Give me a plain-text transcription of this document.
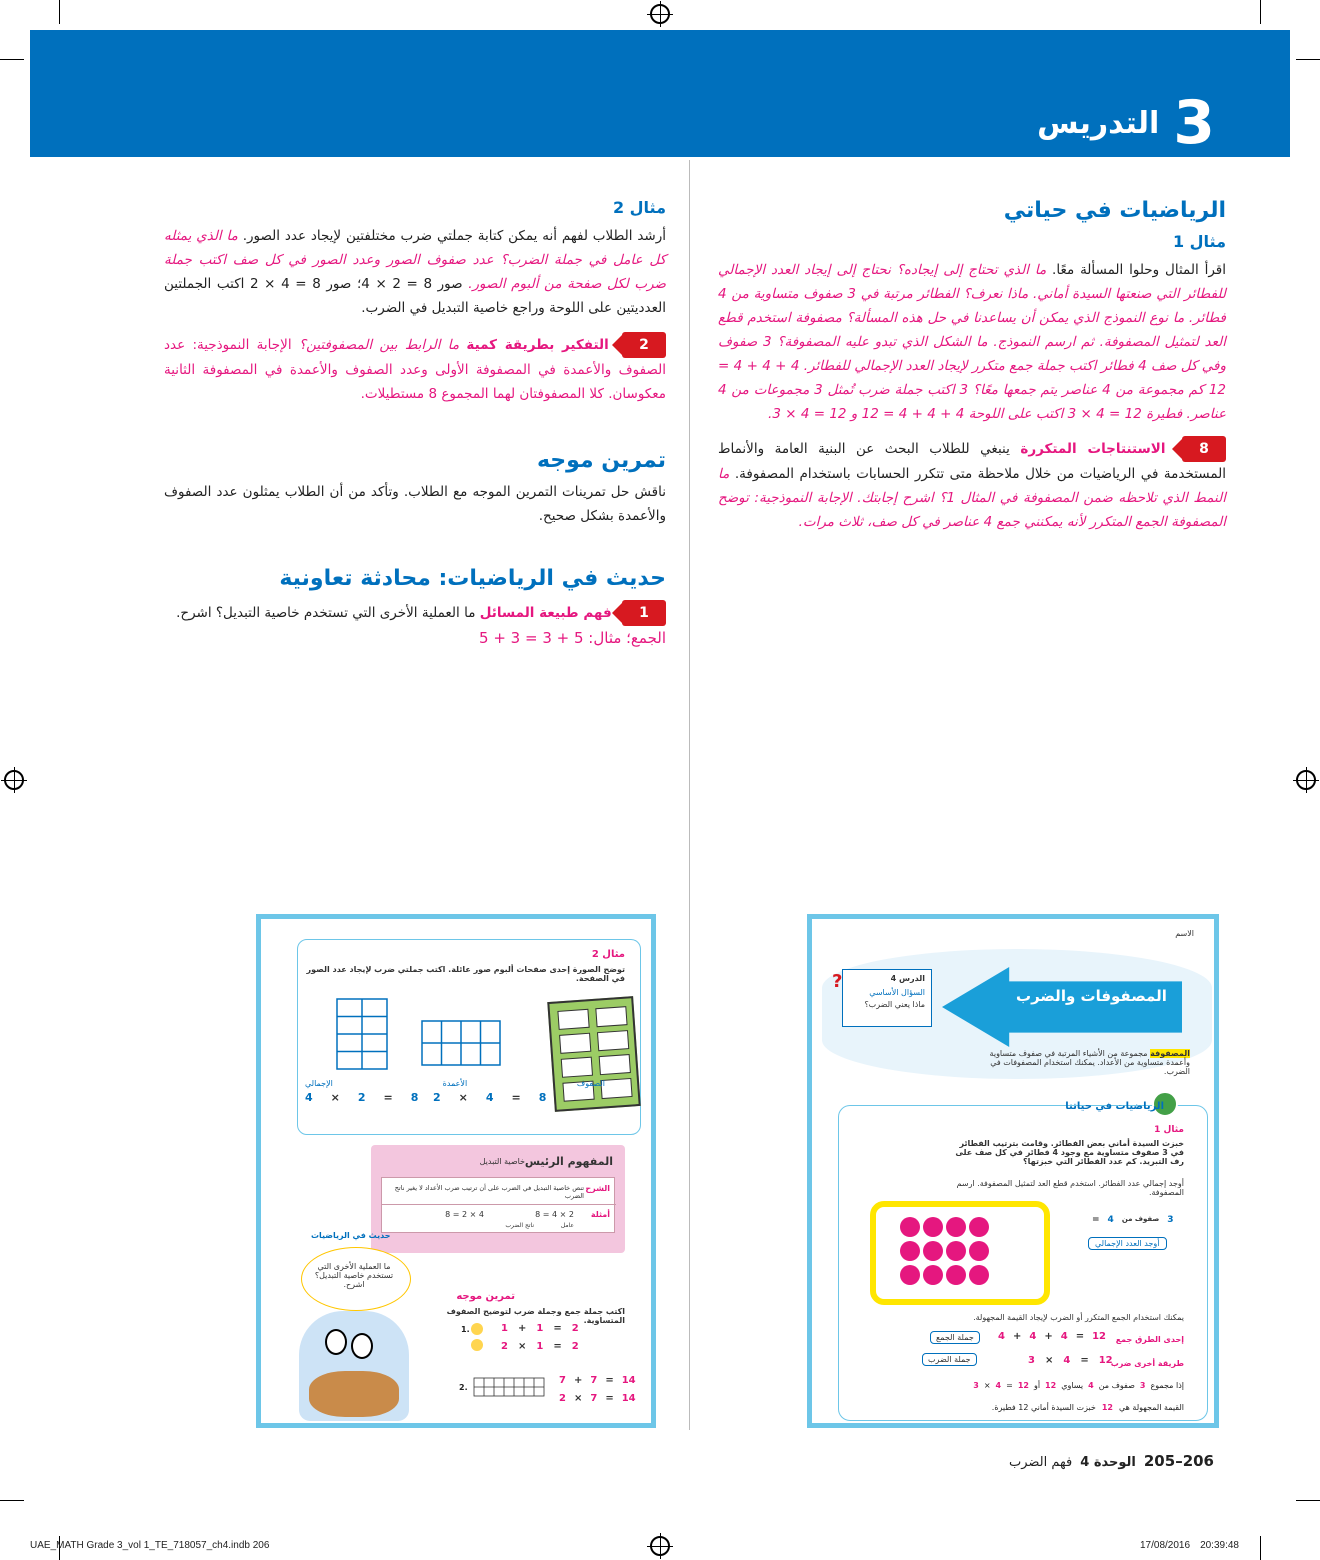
3
التدريس
الرياضيات في حياتي
مثال 1
اقرأ المثال وحلوا المسألة معًا. ما الذي تحتاج إلى إيجاده؟ نحتاج إلى إيجاد العدد الإجمالي للفطائر التي صنعتها السيدة أماني. ماذا نعرف؟ الفطائر مرتبة في 3 صفوف متساوية من 4 فطائر. ما نوع النموذج الذي يمكن أن يساعدنا في حل هذه المسألة؟ مصفوفة استخدم قطع العد لتمثيل المصفوفة. ثم ارسم النموذج. ما الشكل الذي تبدو عليه المصفوفة؟ 3 صفوف وفي كل صف 4 فطائر اكتب جملة جمع متكرر لإيجاد العدد الإجمالي للفطائر. 4 + 4 + 4 = 12 كم مجموعة من 4 عناصر يتم جمعها معًا؟ 3 اكتب جملة ضرب تُمثل 3 مجموعات من 4 عناصر. فطيرة 12 = 4 × 3 اكتب على اللوحة 4 + 4 + 4 = 12 و 12 = 4 × 3.
8 الاستنتاجات المتكررة ينبغي للطلاب البحث عن البنية العامة والأنماط المستخدمة في الرياضيات من خلال ملاحظة متى تتكرر الحسابات باستخدام المصفوفة. ما النمط الذي تلاحظه ضمن المصفوفة في المثال 1؟ اشرح إجابتك. الإجابة النموذجية: توضح المصفوفة الجمع المتكرر لأنه يمكنني جمع 4 عناصر في كل صف، ثلاث مرات.
مثال 2
أرشد الطلاب لفهم أنه يمكن كتابة جملتي ضرب مختلفتين لإيجاد عدد الصور. ما الذي يمثله كل عامل في جملة الضرب؟ عدد صفوف الصور وعدد الصور في كل صف اكتب جملة ضرب لكل صفحة من ألبوم الصور. صور 8 = 2 × 4؛ صور 8 = 4 × 2 اكتب الجملتين العدديتين على اللوحة وراجع خاصية التبديل في الضرب.
2 التفكير بطريقة كمية ما الرابط بين المصفوفتين؟ الإجابة النموذجية: عدد الصفوف والأعمدة في المصفوفة الأولى وعدد الصفوف والأعمدة في المصفوفة الثانية معكوسان. كلا المصفوفتان لهما المجموع 8 مستطيلات.
تمرين موجه
ناقش حل تمرينات التمرين الموجه مع الطلاب. وتأكد من أن الطلاب يمثلون عدد الصفوف والأعمدة بشكل صحيح.
حديث في الرياضيات: محادثة تعاونية
1 فهم طبيعة المسائل ما العملية الأخرى التي تستخدم خاصية التبديل؟ اشرح.
الجمع؛ مثال: 5 + 3 = 3 + 5
مثال 2
توضح الصورة إحدى صفحات ألبوم صور عائلة. اكتب جملتي ضرب لإيجاد عدد الصور في الصفحة.
4 × 2 = 8 2 × 4 = 8
الصفوف
الأعمدة
الإجمالي
المفهوم الرئيس
خاصية التبديل
الشرح
تنص خاصية التبديل في الضرب على أن ترتيب ضرب الأعداد لا يغير ناتج الضرب
أمثلة
2 × 4 = 8
4 × 2 = 8
عامل
ناتج الضرب
ما العملية الأخرى التي تستخدم خاصية التبديل؟ اشرح.
حديث في الرياضيات
تمرين موجه
اكتب جملة جمع وجملة ضرب لتوضيح الصفوف المتساوية.
1.	1 + 1 = 2
2 × 1 = 2
2.
7 + 7 = 14
2 × 7 = 14
الاسم
المصفوفات والضرب
الدرس 4
السؤال الأساسي
ماذا يعني الضرب؟
?
المصفوفة مجموعة من الأشياء المرتبة في صفوف متساوية وأعمدة متساوية من الأعداد. يمكنك استخدام المصفوفات في الضرب.
الرياضيات في حياتنا
مثال 1
خبزت السيدة أماني بعض الفطائر. وقامت بترتيب الفطائر في 3 صفوف متساوية مع وجود 4 فطائر في كل صف على رف التبريد. كم عدد الفطائر التي خبزتها؟
أوجد إجمالي عدد الفطائر. استخدم قطع العد لتمثيل المصفوفة. ارسم المصفوفة.
3
صفوف من
4
=
أوجد العدد الإجمالي
يمكنك استخدام الجمع المتكرر أو الضرب لإيجاد القيمة المجهولة.
إحدى الطرق جمع
4 + 4 + 4 = 12
جملة الجمع
طريقة أخرى ضرب
3 × 4 = 12
جملة الضرب
إذا مجموع
3
صفوف من
4
يساوي
12
أو
12
=
4
×
3
القيمة المجهولة هي
12
خبزت السيدة أماني 12 فطيرة.
206–205
الوحدة 4
فهم الضرب
UAE_MATH Grade 3_vol 1_TE_718057_ch4.indb 206	17/08/2016 20:39:48
